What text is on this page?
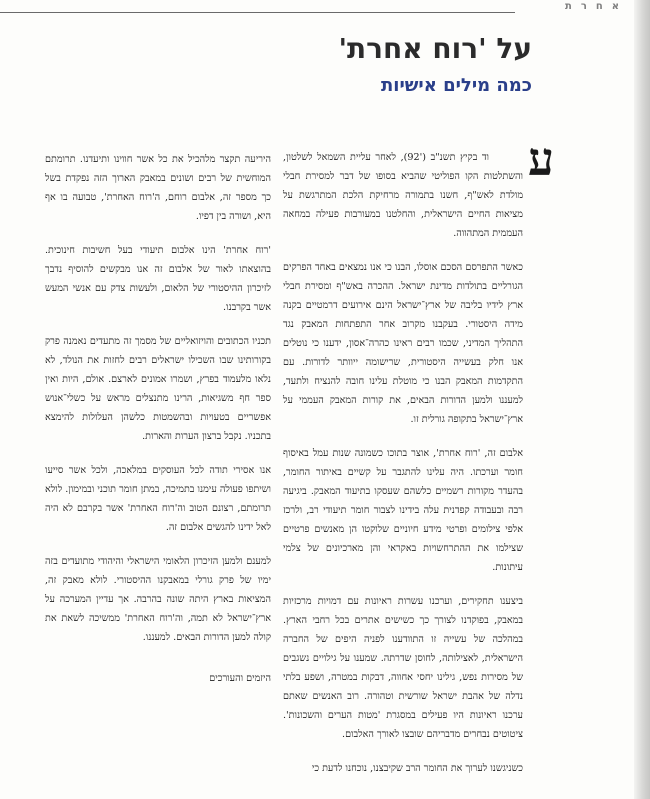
אחרת
על 'רוח אחרת'
כמה מילים אישיות
ע

וד בקיץ תשנ"ב ('92), לאחר עליית השמאל לשלטון, והשתלטות הקו הפוליטי שהביא בסופו של דבר למסירת חבלי מולדת לאש"ף, חשנו בתמורה מרחיקת הלכת המתרגשת על מציאות החיים הישראלית, והחלטנו במעורבות פעילה במחאה העממית המתהווה.

כאשר התפרסם הסכם אוסלו, הבנו כי אנו נמצאים באחד הפרקים הגורליים בתולדות מדינת ישראל. ההכרה באש"ף ומסירת חבלי ארץ לידיו בליבה של ארץ־ישראל הינם אירועים דרמטיים בקנה מידה היסטורי. בעקבנו מקרוב אחר התפתחות המאבק נגד התהליך המדיני, שכמו רבים ראינו כהרה־אסון, ידענו כי נוטלים אנו חלק בעשייה היסטורית, שרישומה ייוותר לדורות. עם התקדמות המאבק הבנו כי מוטלת עלינו חובה להנציח ולתעד, למעננו ולמען הדורות הבאים, את קורות המאבק העממי על ארץ־ישראל בתקופה גורלית זו.

אלבום זה, 'רוח אחרת', אוצר בתוכו כשמונה שנות עמל באיסוף חומר וערכתו. היה עלינו להתגבר על קשיים באיתור החומר, בהעדר מקורות רשמיים כלשהם שעסקו בתיעוד המאבק. ביגיעה רבה ובעבודה קפדנית עלה בידינו לצבור חומר תיעודי רב, ולרכז אלפי צילומים ופרטי מידע חיוניים שלוקטו הן מאנשים פרטיים שצילמו את ההתרחשויות באקראי והן מארכיונים של צלמי עיתונות.

ביצענו תחקירים, וערכנו עשרות ראיונות עם דמויות מרכזיות במאבק, בפוקדנו לצורך כך כשישים אתרים בכל רחבי הארץ. במהלכה של עשייה זו התוודענו לפניה היפים של החברה הישראלית, לאצילותה, לחוסן שדרתה. שמענו על גילויים נשגבים של מסירות נפש, גילינו יחסי אחווה, דבקות במטרה, ושפע בלתי נדלה של אהבת ישראל שורשית וטהורה. רוב האנשים שאתם ערכנו ראיונות היו פעילים במסגרת 'מטות הערים והשכונות'. ציטוטים נבחרים מדבריהם שובצו לאורך האלבום.

כשניגשנו לערוך את החומר הרב שקיבצנו, נוכחנו לדעת כי

היריעה תקצר מלהכיל את כל אשר חווינו ותיעדנו. תרומתם המוחשית של רבים ושונים במאבק הארוך הזה נפקדת בשל כך מספר זה, אלבום רוחם, ה'רוח האחרת', טבועה בו אף היא, ושורה בין דפיו.

'רוח אחרת' הינו אלבום תיעודי בעל חשיבות חינוכית. בהוצאתו לאור של אלבום זה אנו מבקשים להוסיף נדבך לזיכרון ההיסטורי של הלאום, ולעשות צדק עם אנשי המעש אשר בקרבנו.

תכניו הכתובים והויזואליים של מסמך זה מתעדים נאמנה פרק בקורותינו שבו השכילו ישראלים רבים לחזות את הנולד, לא נלאו מלעמוד בפרץ, ושמרו אמונים לארצם. אולם, היות ואין ספר חף משגיאות, הרינו מתנצלים מראש על כשלי־אנוש אפשריים בטעויות ובהשמטות כלשהן העלולות להימצא בתכניו. נקבל ברצון הערות והארות.

אנו אסירי תודה לכל העוסקים במלאכה, ולכל אשר סייעו ושיתפו פעולה עימנו בתמיכה, במתן חומר תוכני ובמימון. לולא תרומתם, רצונם הטוב וה'רוח האחרת' אשר בקרבם לא היה לאל ידינו להגשים אלבום זה.

למענם ולמען הזיכרון הלאומי הישראלי והיהודי מתועדים בזה ימיו של פרק גורלי במאבקנו ההיסטורי. לולא מאבק זה, המציאות בארץ היתה שונה בהרבה. אך עדיין המערכה על ארץ־ישראל לא תמה, וה'רוח האחרת' ממשיכה לשאת את קולה למען הדורות הבאים. למעננו.

היזמים והעורכים
